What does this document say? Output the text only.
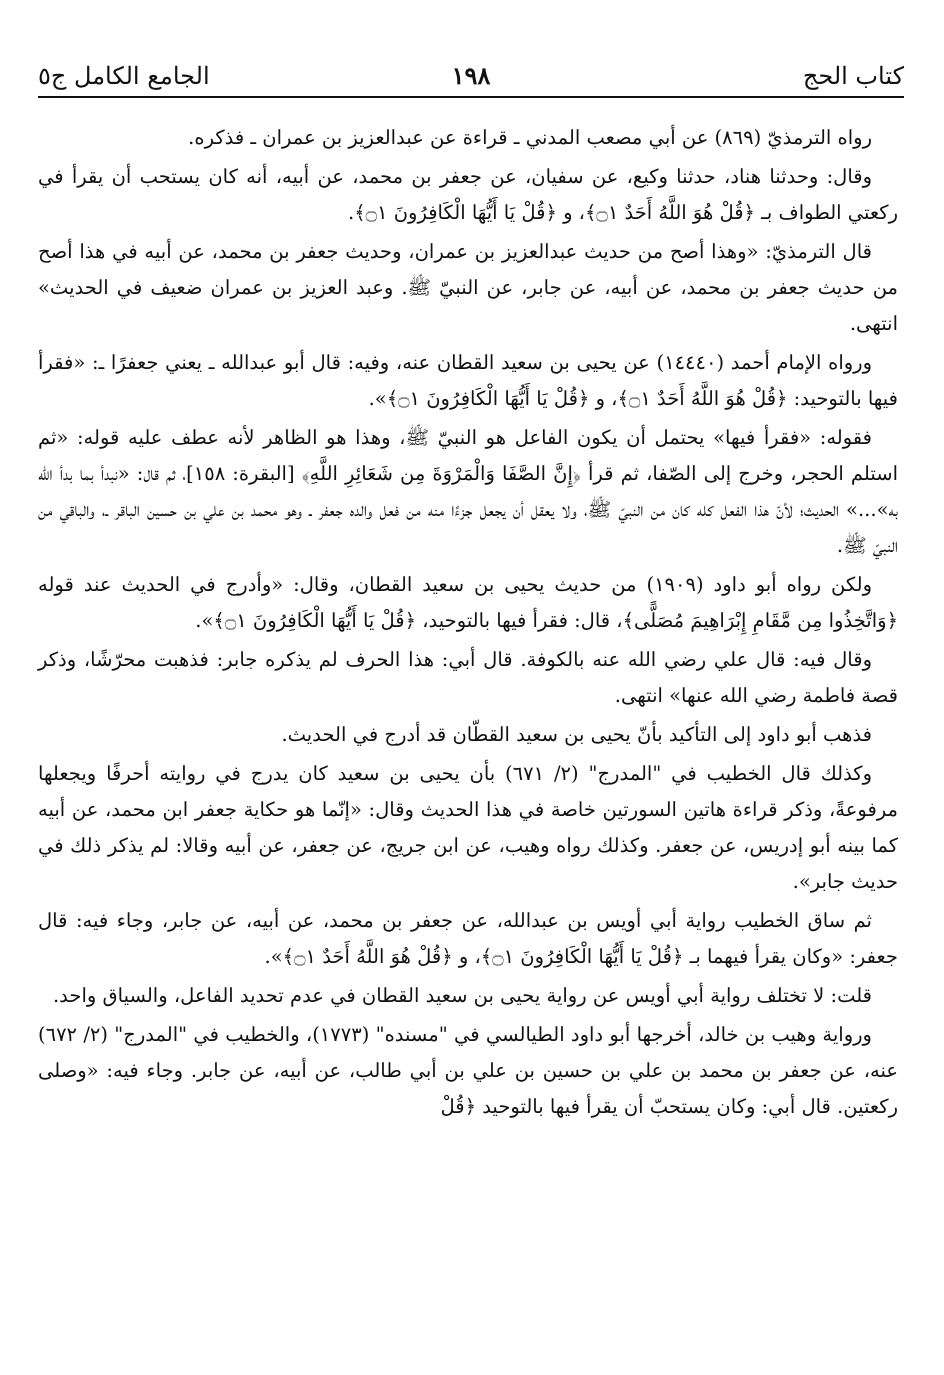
كتاب الحج
١٩٨
الجامع الكامل ج٥

رواه الترمذيّ (٨٦٩) عن أبي مصعب المدني ـ قراءة عن عبدالعزيز بن عمران ـ فذكره.

وقال: وحدثنا هناد، حدثنا وكيع، عن سفيان، عن جعفر بن محمد، عن أبيه، أنه كان يستحب أن يقرأ في ركعتي الطواف بـ ﴿قُلْ هُوَ اللَّهُ أَحَدٌ ۝١﴾، و ﴿قُلْ يَا أَيُّهَا الْكَافِرُونَ ۝١﴾.

قال الترمذيّ: «وهذا أصح من حديث عبدالعزيز بن عمران، وحديث جعفر بن محمد، عن أبيه في هذا أصح من حديث جعفر بن محمد، عن أبيه، عن جابر، عن النبيّ ﷺ. وعبد العزيز بن عمران ضعيف في الحديث» انتهى.

ورواه الإمام أحمد (١٤٤٤٠) عن يحيى بن سعيد القطان عنه، وفيه: قال أبو عبدالله ـ يعني جعفرًا ـ: «فقرأ فيها بالتوحيد: ﴿قُلْ هُوَ اللَّهُ أَحَدٌ ۝١﴾، و ﴿قُلْ يَا أَيُّهَا الْكَافِرُونَ ۝١﴾».

فقوله: «فقرأ فيها» يحتمل أن يكون الفاعل هو النبيّ ﷺ، وهذا هو الظاهر لأنه عطف عليه قوله: «ثم استلم الحجر، وخرج إلى الصّفا، ثم قرأ ﴿إِنَّ الصَّفَا وَالْمَرْوَةَ مِن شَعَائِرِ اللَّهِ﴾ [البقرة: ١٥٨]، ثم قال: «نبدأ بما بدأ الله به»...» الحديث؛ لأنّ هذا الفعل كله كان من النبيّ ﷺ، ولا يعقل أن يجعل جزءًا منه من فعل والده جعفر ـ وهو محمد بن علي بن حسين الباقر ـ، والباقي من النبيّ ﷺ.

ولكن رواه أبو داود (١٩٠٩) من حديث يحيى بن سعيد القطان، وقال: «وأدرج في الحديث عند قوله ﴿وَاتَّخِذُوا مِن مَّقَامِ إِبْرَاهِيمَ مُصَلًّى﴾، قال: فقرأ فيها بالتوحيد، ﴿قُلْ يَا أَيُّهَا الْكَافِرُونَ ۝١﴾».

وقال فيه: قال علي رضي الله عنه بالكوفة. قال أبي: هذا الحرف لم يذكره جابر: فذهبت محرّشًا، وذكر قصة فاطمة رضي الله عنها» انتهى.

فذهب أبو داود إلى التأكيد بأنّ يحيى بن سعيد القطّان قد أدرج في الحديث.

وكذلك قال الخطيب في "المدرج" (٢/ ٦٧١) بأن يحيى بن سعيد كان يدرج في روايته أحرفًا ويجعلها مرفوعةً، وذكر قراءة هاتين السورتين خاصة في هذا الحديث وقال: «إنّما هو حكاية جعفر ابن محمد، عن أبيه كما بينه أبو إدريس، عن جعفر. وكذلك رواه وهيب، عن ابن جريج، عن جعفر، عن أبيه وقالا: لم يذكر ذلك في حديث جابر».

ثم ساق الخطيب رواية أبي أويس بن عبدالله، عن جعفر بن محمد، عن أبيه، عن جابر، وجاء فيه: قال جعفر: «وكان يقرأ فيهما بـ ﴿قُلْ يَا أَيُّهَا الْكَافِرُونَ ۝١﴾، و ﴿قُلْ هُوَ اللَّهُ أَحَدٌ ۝١﴾».

قلت: لا تختلف رواية أبي أويس عن رواية يحيى بن سعيد القطان في عدم تحديد الفاعل، والسياق واحد.

ورواية وهيب بن خالد، أخرجها أبو داود الطيالسي في "مسنده" (١٧٧٣)، والخطيب في "المدرج" (٢/ ٦٧٢) عنه، عن جعفر بن محمد بن علي بن حسين بن علي بن أبي طالب، عن أبيه، عن جابر. وجاء فيه: «وصلى ركعتين. قال أبي: وكان يستحبّ أن يقرأ فيها بالتوحيد ﴿قُلْ
